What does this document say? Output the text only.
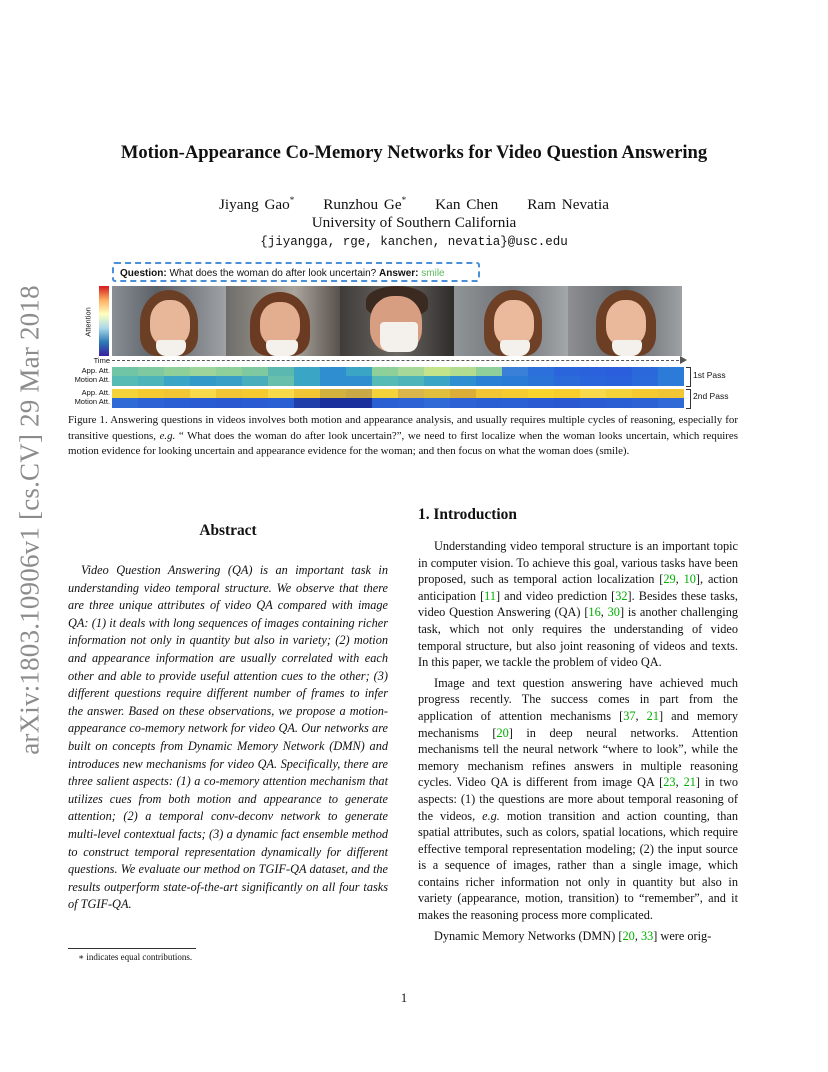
arXiv:1803.10906v1 [cs.CV] 29 Mar 2018
Motion-Appearance Co-Memory Networks for Video Question Answering
Jiyang Gao* Runzhou Ge* Kan Chen Ram Nevatia
University of Southern California
{jiyangga, rge, kanchen, nevatia}@usc.edu
Question: What does the woman do after look uncertain? Answer: smile
Attention
Time
App. Att.
Motion Att.	1st Pass
App. Att.
Motion Att.
2nd Pass
Figure 1. Answering questions in videos involves both motion and appearance analysis, and usually requires multiple cycles of reasoning, especially for transitive questions, e.g. “ What does the woman do after look uncertain?”, we need to first localize when the woman looks uncertain, which requires motion evidence for looking uncertain and appearance evidence for the woman; and then focus on what the woman does (smile).
Abstract
Video Question Answering (QA) is an important task in understanding video temporal structure. We observe that there are three unique attributes of video QA compared with image QA: (1) it deals with long sequences of images containing richer information not only in quantity but also in variety; (2) motion and appearance information are usually correlated with each other and able to provide useful attention cues to the other; (3) different questions require different number of frames to infer the answer. Based on these observations, we propose a motion-appearance co-memory network for video QA. Our networks are built on concepts from Dynamic Memory Network (DMN) and introduces new mechanisms for video QA. Specifically, there are three salient aspects: (1) a co-memory attention mechanism that utilizes cues from both motion and appearance to generate attention; (2) a temporal conv-deconv network to generate multi-level contextual facts; (3) a dynamic fact ensemble method to construct temporal representation dynamically for different questions. We evaluate our method on TGIF-QA dataset, and the results outperform state-of-the-art significantly on all four tasks of TGIF-QA.
∗ indicates equal contributions.
1. Introduction

Understanding video temporal structure is an important topic in computer vision. To achieve this goal, various tasks have been proposed, such as temporal action localization [29, 10], action anticipation [11] and video prediction [32]. Besides these tasks, video Question Answering (QA) [16, 30] is another challenging task, which not only requires the understanding of video temporal structure, but also joint reasoning of videos and texts. In this paper, we tackle the problem of video QA.

Image and text question answering have achieved much progress recently. The success comes in part from the application of attention mechanisms [37, 21] and memory mechanisms [20] in deep neural networks. Attention mechanisms tell the neural network “where to look”, while the memory mechanism refines answers in multiple reasoning cycles. Video QA is different from image QA [23, 21] in two aspects: (1) the questions are more about temporal reasoning of the videos, e.g. motion transition and action counting, than spatial attributes, such as colors, spatial locations, which require effective temporal representation modeling; (2) the input source is a sequence of images, rather than a single image, which contains richer information not only in quantity but also in variety (appearance, motion, transition) to “remember”, and it makes the reasoning process more complicated.

Dynamic Memory Networks (DMN) [20, 33] were orig-

1
